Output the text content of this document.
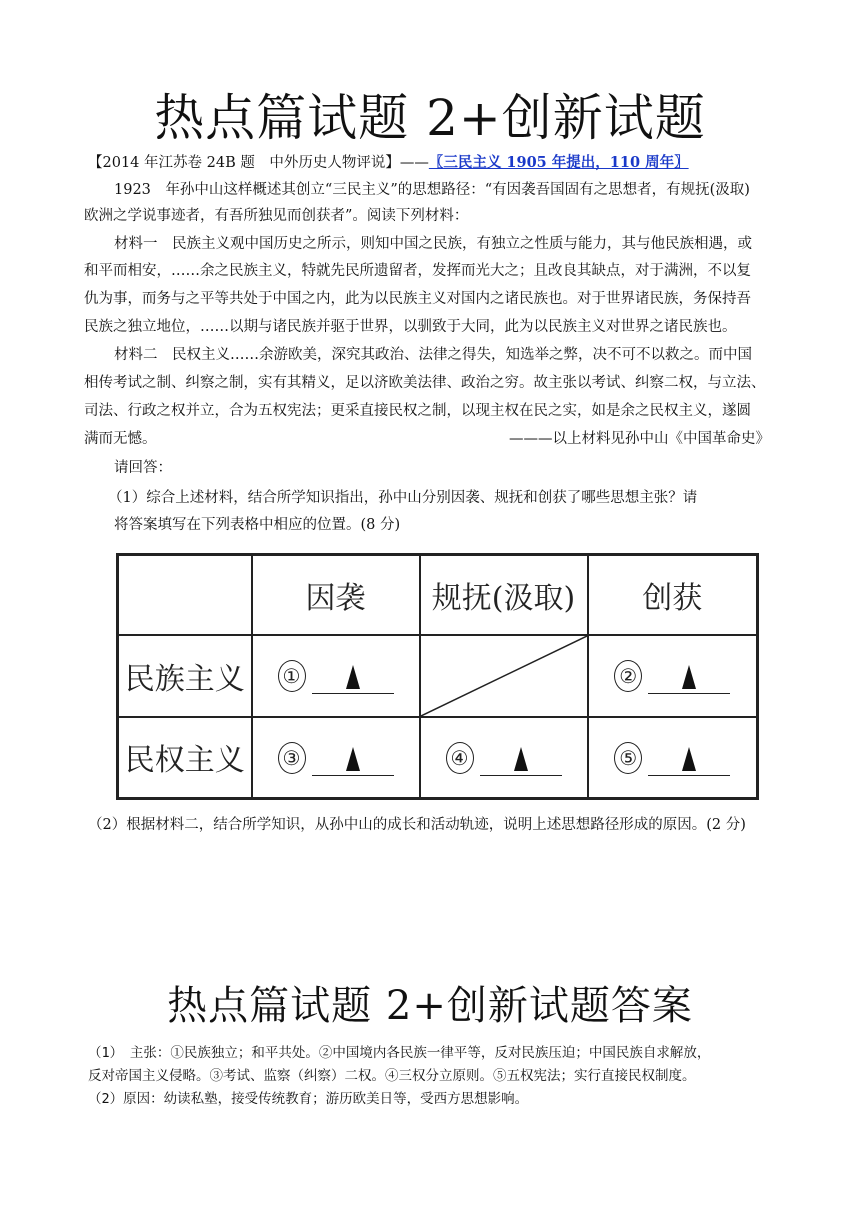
热点篇试题 2+创新试题
【2014 年江苏卷 24B 题　中外历史人物评说】——〖三民主义 1905 年提出，110 周年〗
1923　年孙中山这样概述其创立“三民主义”的思想路径：“有因袭吾国固有之思想者，有规抚(汲取)
欧洲之学说事迹者，有吾所独见而创获者”。阅读下列材料：
材料一　民族主义观中国历史之所示，则知中国之民族，有独立之性质与能力，其与他民族相遇，或
和平而相安，……余之民族主义，特就先民所遗留者，发挥而光大之；且改良其缺点，对于满洲，不以复
仇为事，而务与之平等共处于中国之内，此为以民族主义对国内之诸民族也。对于世界诸民族，务保持吾
民族之独立地位，……以期与诸民族并驱于世界，以驯致于大同，此为以民族主义对世界之诸民族也。
材料二　民权主义……余游欧美，深究其政治、法律之得失，知选举之弊，决不可不以救之。而中国
相传考试之制、纠察之制，实有其精义，足以济欧美法律、政治之穷。故主张以考试、纠察二权，与立法、
司法、行政之权并立，合为五权宪法；更采直接民权之制，以现主权在民之实，如是余之民权主义，遂圆
满而无憾。	———以上材料见孙中山《中国革命史》
请回答：
（1）综合上述材料，结合所学知识指出，孙中山分别因袭、规抚和创获了哪些思想主张？请
将答案填写在下列表格中相应的位置。(8 分)
	因袭	规抚(汲取)	创获
民族主义	①		②

民权主义	③	④	⑤
（2）根据材料二，结合所学知识，从孙中山的成长和活动轨迹，说明上述思想路径形成的原因。(2 分)
热点篇试题 2+创新试题答案
（1）　主张：①民族独立；和平共处。②中国境内各民族一律平等，反对民族压迫；中国民族自求解放，
反对帝国主义侵略。③考试、监察（纠察）二权。④三权分立原则。⑤五权宪法；实行直接民权制度。
（2）原因：幼读私塾，接受传统教育；游历欧美日等，受西方思想影响。
